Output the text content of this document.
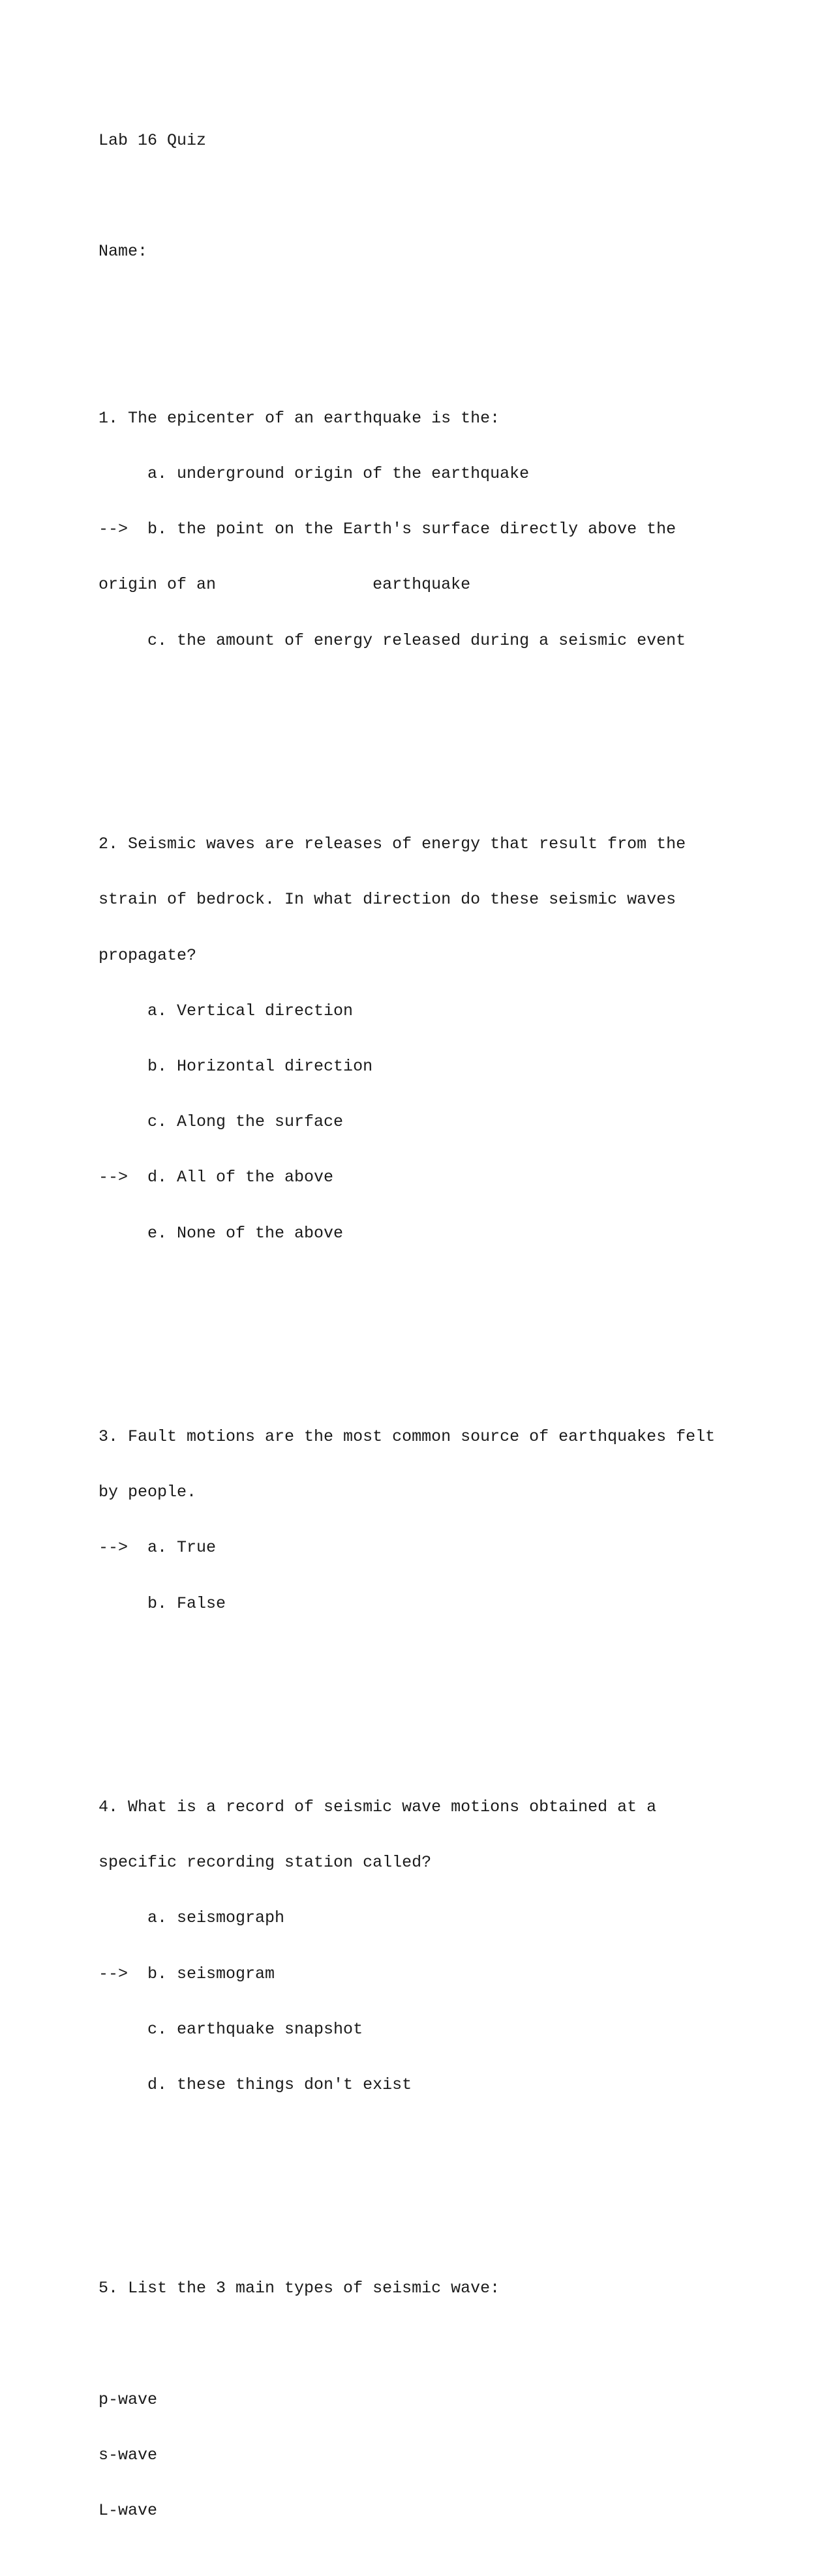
Lab 16 Quiz

Name:

1. The epicenter of an earthquake is the:

a. underground origin of the earthquake

-->  b. the point on the Earth's surface directly above the

origin of an                earthquake

c. the amount of energy released during a seismic event

2. Seismic waves are releases of energy that result from the

strain of bedrock. In what direction do these seismic waves

propagate?

a. Vertical direction

b. Horizontal direction

c. Along the surface

-->  d. All of the above

e. None of the above

3. Fault motions are the most common source of earthquakes felt

by people.

-->  a. True

b. False

4. What is a record of seismic wave motions obtained at a

specific recording station called?

a. seismograph

-->  b. seismogram

c. earthquake snapshot

d. these things don't exist

5. List the 3 main types of seismic wave:

p-wave

s-wave

L-wave
